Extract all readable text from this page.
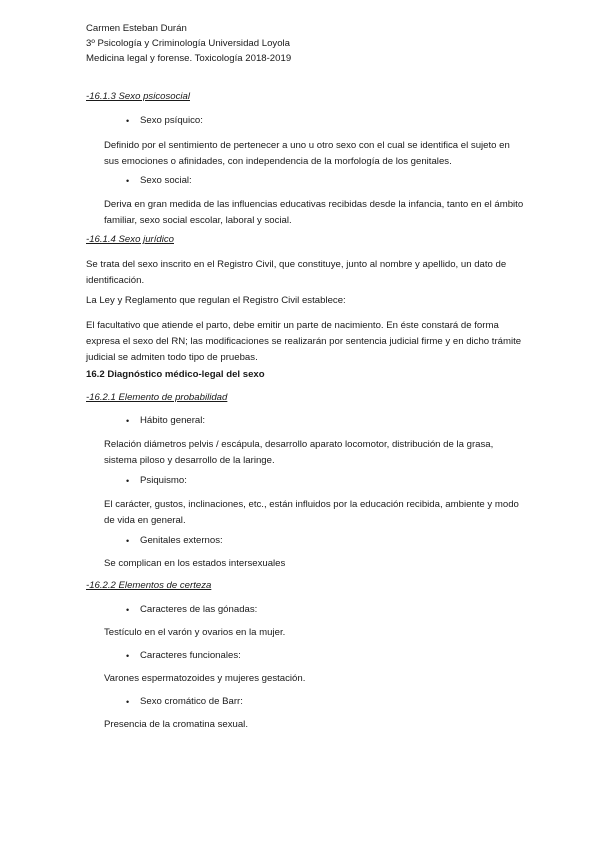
Carmen Esteban Durán
3º Psicología y Criminología Universidad Loyola
Medicina legal y forense. Toxicología 2018-2019

-16.1.3 Sexo psicosocial

•	Sexo psíquico:

Definido por el sentimiento de pertenecer a uno u otro sexo con el cual se identifica el sujeto en sus emociones o afinidades, con independencia de la morfología de los genitales.

•	Sexo social:

Deriva en gran medida de las influencias educativas recibidas desde la infancia, tanto en el ámbito familiar, sexo social escolar, laboral y social.

-16.1.4 Sexo jurídico

Se trata del sexo inscrito en el Registro Civil, que constituye, junto al nombre y apellido, un dato de identificación.

La Ley y Reglamento que regulan el Registro Civil establece:

El facultativo que atiende el parto, debe emitir un parte de nacimiento. En éste constará de forma expresa el sexo del RN; las modificaciones se realizarán por sentencia judicial firme y en dicho trámite judicial se admiten todo tipo de pruebas.

16.2 Diagnóstico médico-legal del sexo

-16.2.1 Elemento de probabilidad

•	Hábito general:

Relación diámetros pelvis / escápula, desarrollo aparato locomotor, distribución de la grasa, sistema piloso y desarrollo de la laringe.

•	Psiquismo:

El carácter, gustos, inclinaciones, etc., están influidos por la educación recibida, ambiente y modo de vida en general.

•	Genitales externos:

Se complican en los estados intersexuales

-16.2.2 Elementos de certeza

•	Caracteres de las gónadas:

Testículo en el varón y ovarios en la mujer.

•	Caracteres funcionales:

Varones espermatozoides y mujeres gestación.

•	Sexo cromático de Barr:

Presencia de la cromatina sexual.
